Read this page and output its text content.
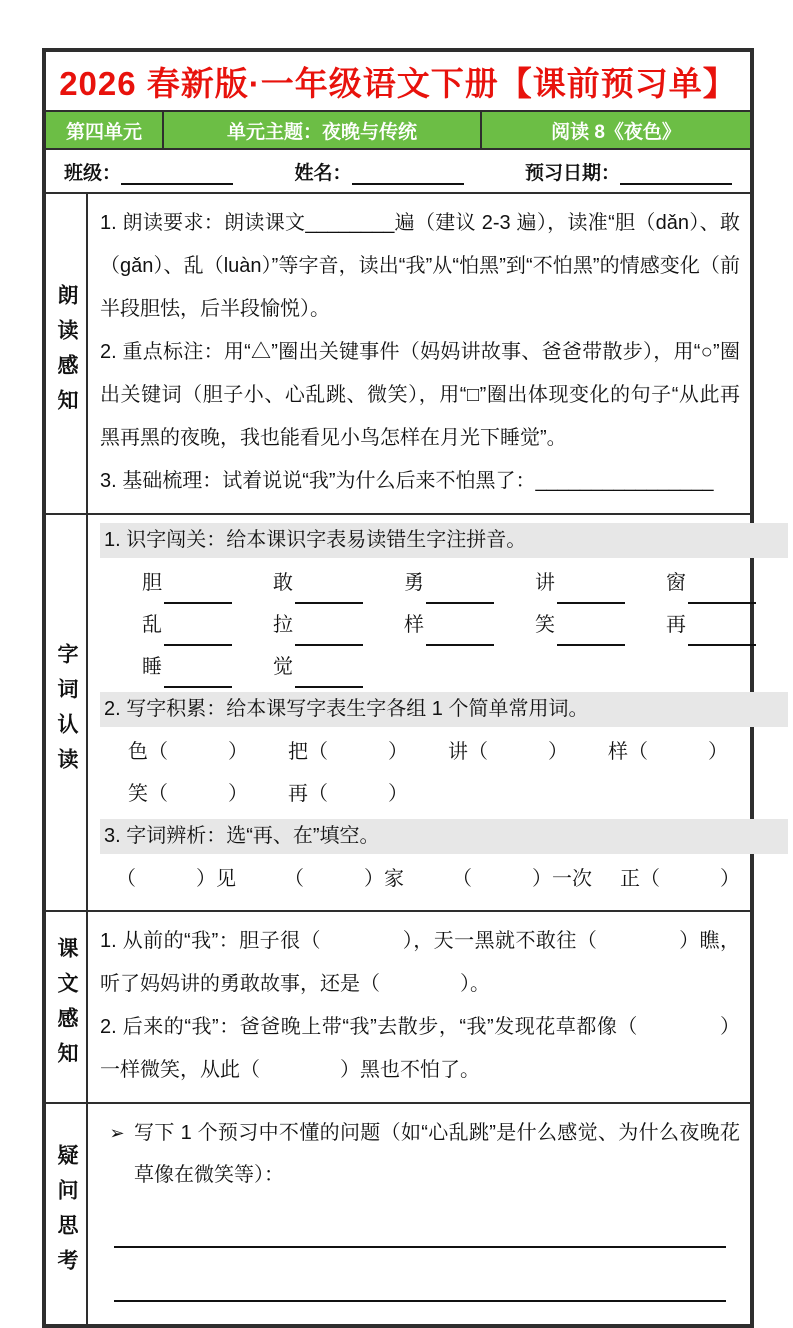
2026 春新版·一年级语文下册【课前预习单】
第四单元	单元主题：夜晚与传统	阅读 8《夜色》
班级：	姓名：	预习日期：
朗读感知

1. 朗读要求：朗读课文________遍（建议 2-3 遍），读准“胆（dǎn）、敢（gǎn）、乱（luàn）”等字音，读出“我”从“怕黑”到“不怕黑”的情感变化（前半段胆怯，后半段愉悦）。

2. 重点标注：用“△”圈出关键事件（妈妈讲故事、爸爸带散步），用“○”圈出关键词（胆子小、心乱跳、微笑），用“□”圈出体现变化的句子“从此再黑再黑的夜晚，我也能看见小鸟怎样在月光下睡觉”。

3. 基础梳理：试着说说“我”为什么后来不怕黑了：________________

字词认读
1. 识字闯关：给本课识字表易读错生字注拼音。
胆	敢	勇	讲	窗
乱	拉	样	笑	再
睡	觉
2. 写字积累：给本课写字表生字各组 1 个简单常用词。
色（　　　）	把（　　　）	讲（　　　）	样（　　　）
笑（　　　）	再（　　　）
3. 字词辨析：选“再、在”填空。
（　　　）见	（　　　）家	（　　　）一次	正（　　　）
课文感知	1. 从前的“我”：胆子很（　　　　），天一黑就不敢往（　　　　）瞧，听了妈妈讲的勇敢故事，还是（　　　　）。

2. 后来的“我”：爸爸晚上带“我”去散步，“我”发现花草都像（　　　　）一样微笑，从此（　　　　）黑也不怕了。

疑问思考
➢ 写下 1 个预习中不懂的问题（如“心乱跳”是什么感觉、为什么夜晚花草像在微笑等）：
